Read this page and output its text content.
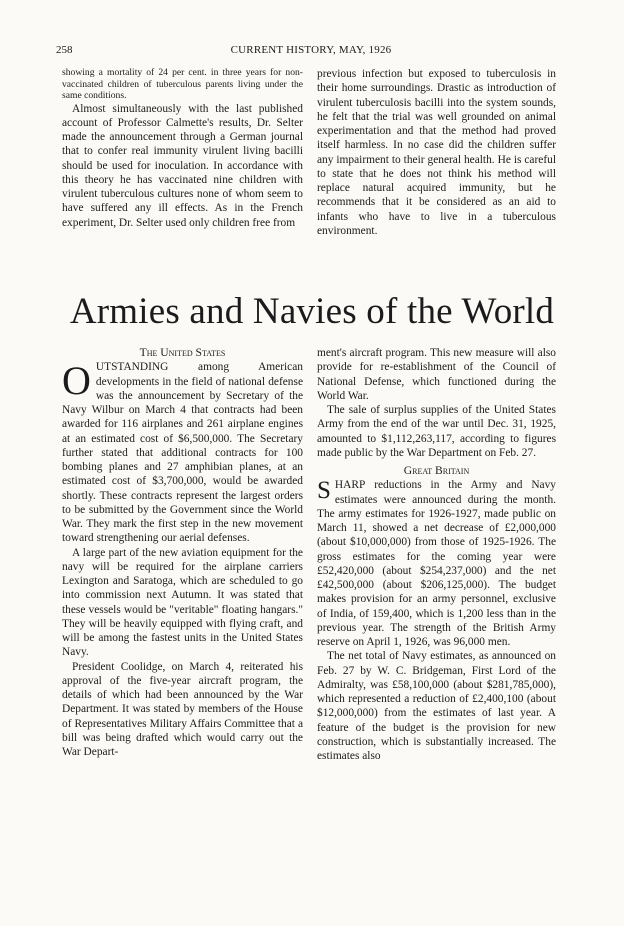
258	CURRENT HISTORY, MAY, 1926

showing a mortality of 24 per cent. in three years for non-vaccinated children of tuberculous parents living under the same conditions.

Almost simultaneously with the last published account of Professor Calmette's results, Dr. Selter made the announcement through a German journal that to confer real immunity virulent living bacilli should be used for inoculation. In accordance with this theory he has vaccinated nine children with virulent tuberculous cultures none of whom seem to have suffered any ill effects. As in the French experiment, Dr. Selter used only children free from

previous infection but exposed to tuberculosis in their home surroundings. Drastic as introduction of virulent tuberculosis bacilli into the system sounds, he felt that the trial was well grounded on animal experimentation and that the method had proved itself harmless. In no case did the children suffer any impairment to their general health. He is careful to state that he does not think his method will replace natural acquired immunity, but he recommends that it be considered as an aid to infants who have to live in a tuberculous environment.

Armies and Navies of the World

The United States

OUTSTANDING among American developments in the field of national defense was the announcement by Secretary of the Navy Wilbur on March 4 that contracts had been awarded for 116 airplanes and 261 airplane engines at an estimated cost of $6,500,000. The Secretary further stated that additional contracts for 100 bombing planes and 27 amphibian planes, at an estimated cost of $3,700,000, would be awarded shortly. These contracts represent the largest orders to be submitted by the Government since the World War. They mark the first step in the new movement toward strengthening our aerial defenses.

A large part of the new aviation equipment for the navy will be required for the airplane carriers Lexington and Saratoga, which are scheduled to go into commission next Autumn. It was stated that these vessels would be "veritable" floating hangars." They will be heavily equipped with flying craft, and will be among the fastest units in the United States Navy.

President Coolidge, on March 4, reiterated his approval of the five-year aircraft program, the details of which had been announced by the War Department. It was stated by members of the House of Representatives Military Affairs Committee that a bill was being drafted which would carry out the War Depart-

ment's aircraft program. This new measure will also provide for re-establishment of the Council of National Defense, which functioned during the World War.

The sale of surplus supplies of the United States Army from the end of the war until Dec. 31, 1925, amounted to $1,112,263,117, according to figures made public by the War Department on Feb. 27.

Great Britain

SHARP reductions in the Army and Navy estimates were announced during the month. The army estimates for 1926-1927, made public on March 11, showed a net decrease of £2,000,000 (about $10,000,000) from those of 1925-1926. The gross estimates for the coming year were £52,420,000 (about $254,237,000) and the net £42,500,000 (about $206,125,000). The budget makes provision for an army personnel, exclusive of India, of 159,400, which is 1,200 less than in the previous year. The strength of the British Army reserve on April 1, 1926, was 96,000 men.

The net total of Navy estimates, as announced on Feb. 27 by W. C. Bridgeman, First Lord of the Admiralty, was £58,100,000 (about $281,785,000), which represented a reduction of £2,400,100 (about $12,000,000) from the estimates of last year. A feature of the budget is the provision for new construction, which is substantially increased. The estimates also
